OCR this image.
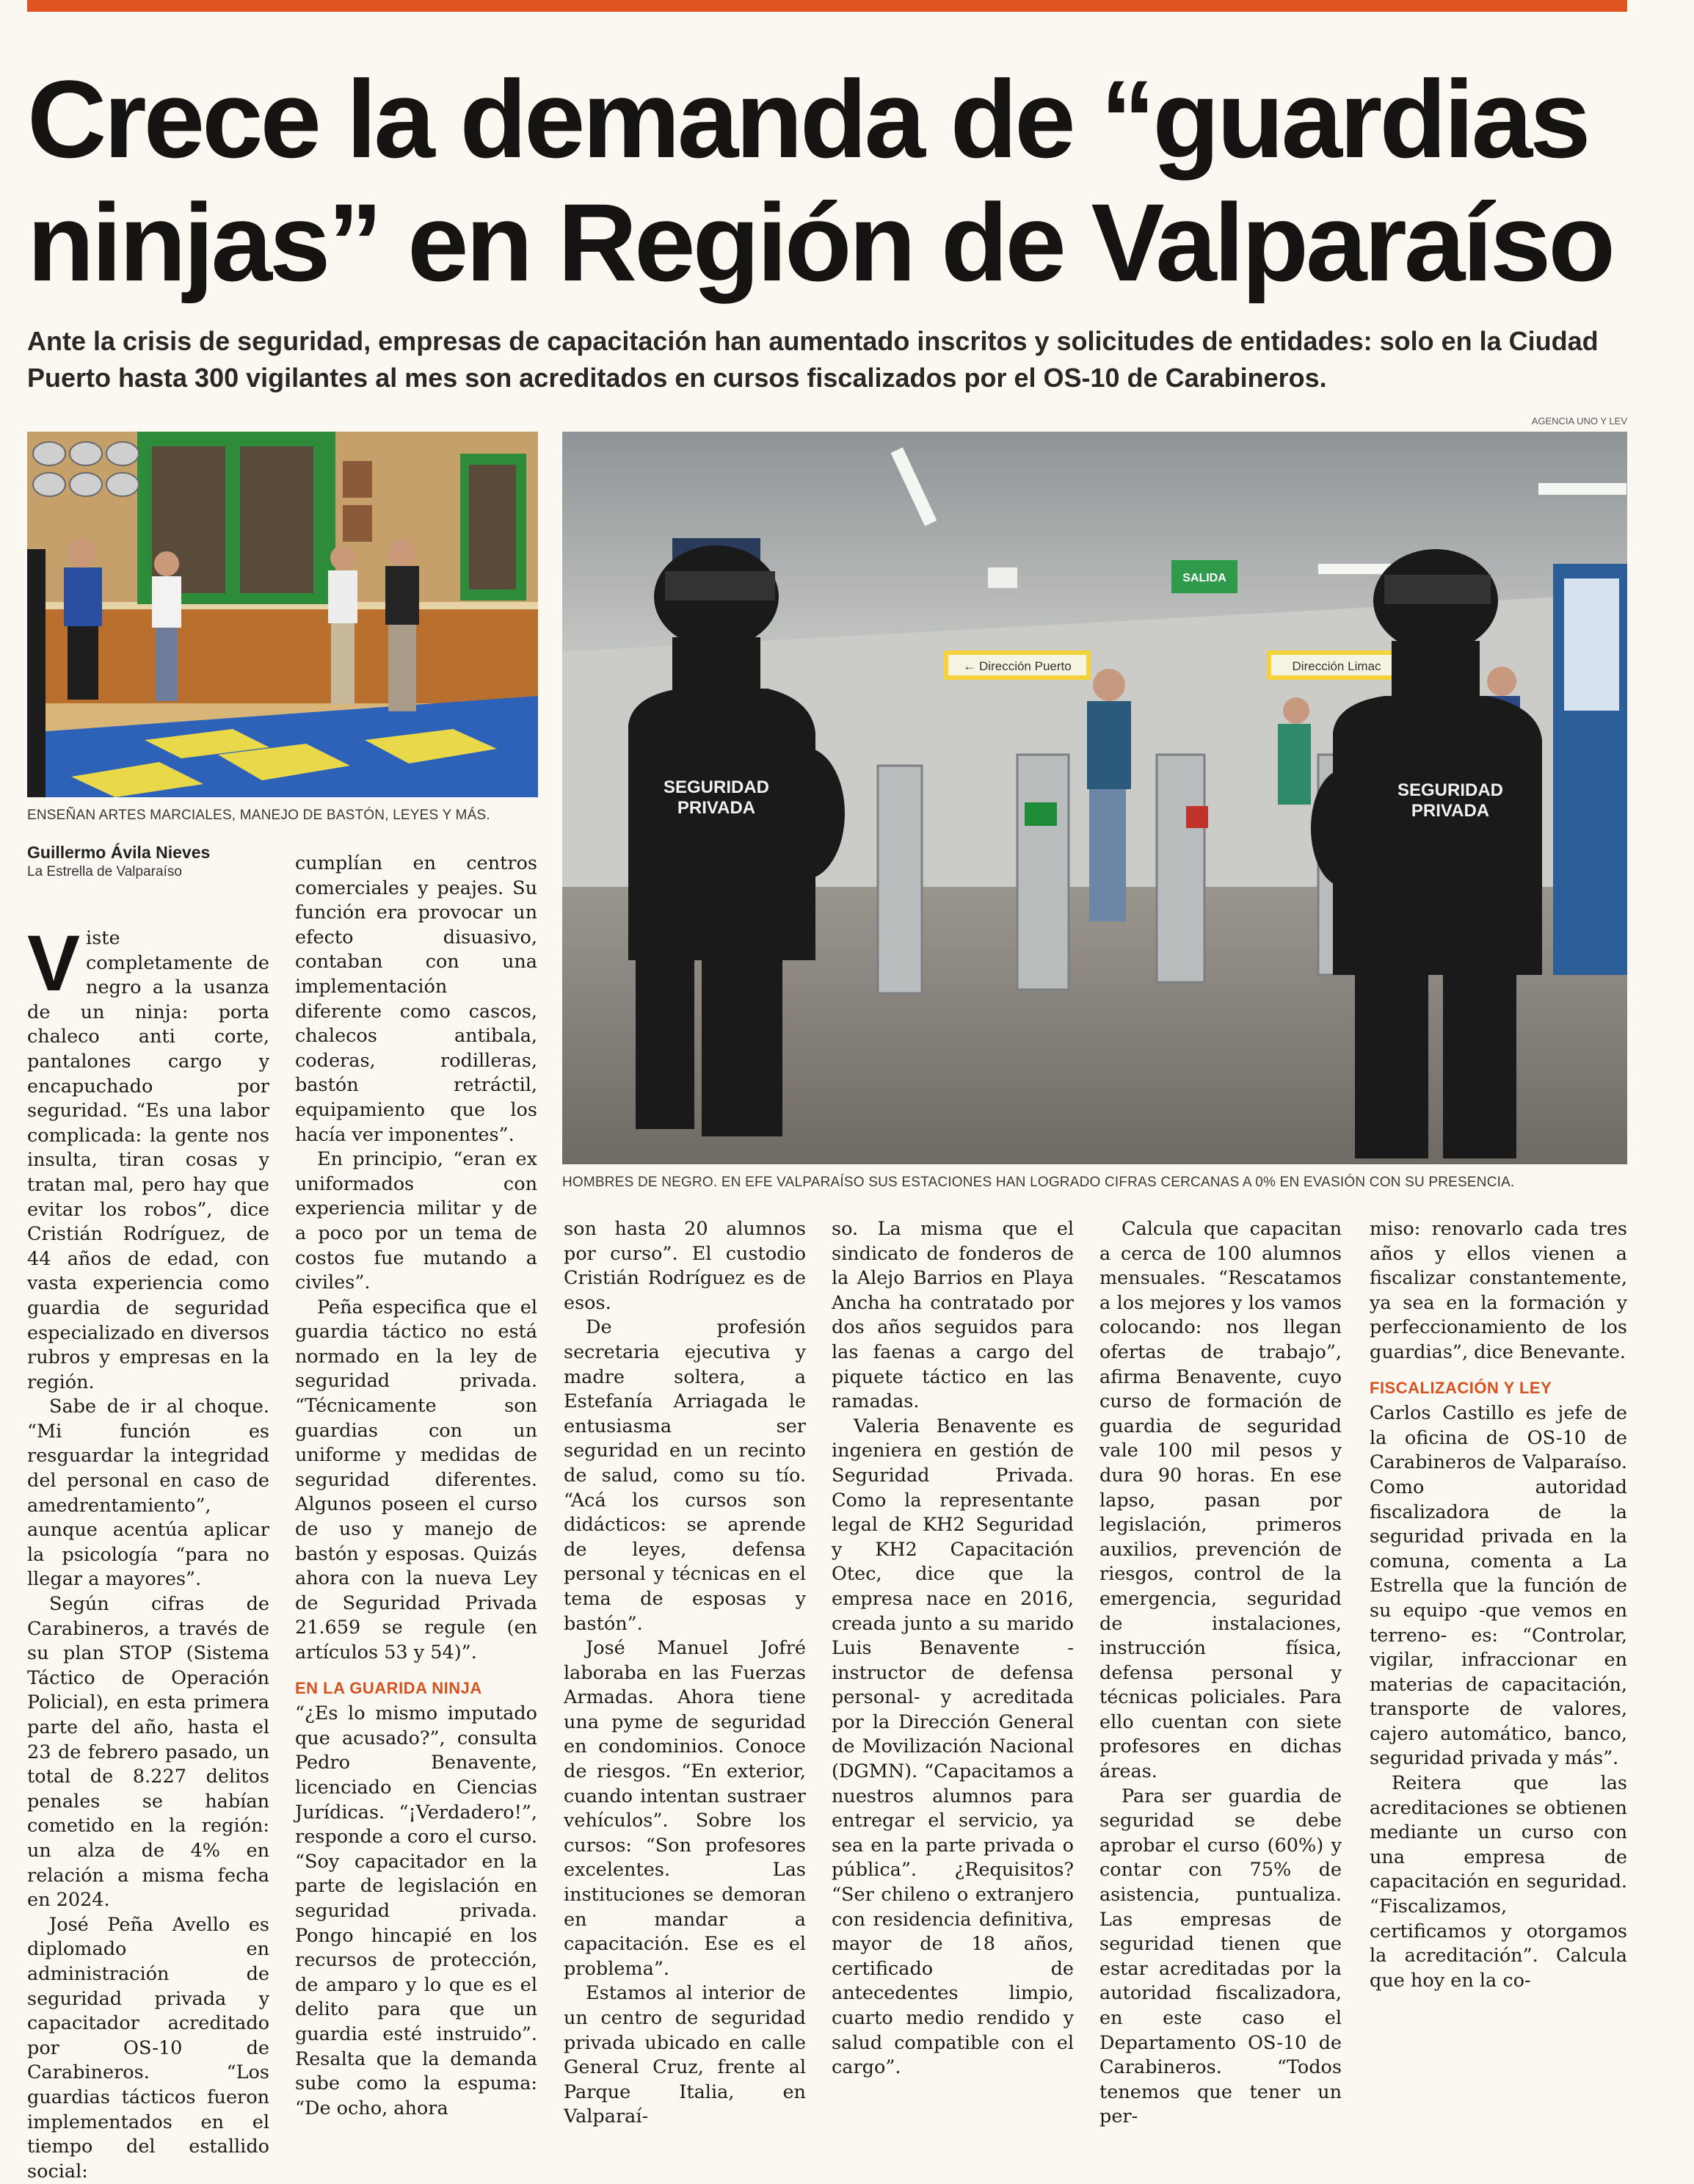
Crece la demanda de “guardias
ninjas” en Región de Valparaíso

Ante la crisis de seguridad, empresas de capacitación han aumentado inscritos y solicitudes de entidades: solo en la Ciudad Puerto hasta 300 vigilantes al mes son acreditados en cursos fiscalizados por el OS-10 de Carabineros.

AGENCIA UNO Y LEV
ENSEÑAN ARTES MARCIALES, MANEJO DE BASTÓN, LEYES Y MÁS.
← Dirección Puerto	Dirección Limac
SALIDA
SEGURIDAD
PRIVADA
SEGURIDAD
PRIVADA
HOMBRES DE NEGRO. EN EFE VALPARAÍSO SUS ESTACIONES HAN LOGRADO CIFRAS CERCANAS A 0% EN EVASIÓN CON SU PRESENCIA.
Guillermo Ávila Nieves
La Estrella de Valparaíso

Viste completamente de negro a la usanza de un ninja: porta chaleco anti corte, pantalones cargo y encapuchado por seguridad. “Es una labor complicada: la gente nos insulta, tiran cosas y tratan mal, pero hay que evitar los robos”, dice Cristián Rodríguez, de 44 años de edad, con vasta experiencia como guardia de seguridad especializado en diversos rubros y empresas en la región.

Sabe de ir al choque. “Mi función es resguardar la integridad del personal en caso de amedrentamiento”, aunque acentúa aplicar la psicología “para no llegar a mayores”.

Según cifras de Carabineros, a través de su plan STOP (Sistema Táctico de Operación Policial), en esta primera parte del año, hasta el 23 de febrero pasado, un total de 8.227 delitos penales se habían cometido en la región: un alza de 4% en relación a misma fecha en 2024.

José Peña Avello es diplomado en administración de seguridad privada y capacitador acreditado por OS-10 de Carabineros. “Los guardias tácticos fueron implementados en el tiempo del estallido social:

cumplían en centros comerciales y peajes. Su función era provocar un efecto disuasivo, contaban con una implementación diferente como cascos, chalecos antibala, coderas, rodilleras, bastón retráctil, equipamiento que los hacía ver imponentes”.

En principio, “eran ex uniformados con experiencia militar y de a poco por un tema de costos fue mutando a civiles”.

Peña especifica que el guardia táctico no está normado en la ley de seguridad privada. “Técnicamente son guardias con un uniforme y medidas de seguridad diferentes. Algunos poseen el curso de uso y manejo de bastón y esposas. Quizás ahora con la nueva Ley de Seguridad Privada 21.659 se regule (en artículos 53 y 54)”.

EN LA GUARIDA NINJA

“¿Es lo mismo imputado que acusado?”, consulta Pedro Benavente, licenciado en Ciencias Jurídicas. “¡Verdadero!”, responde a coro el curso. “Soy capacitador en la parte de legislación en seguridad privada. Pongo hincapié en los recursos de protección, de amparo y lo que es el delito para que un guardia esté instruido”. Resalta que la demanda sube como la espuma: “De ocho, ahora

son hasta 20 alumnos por curso”. El custodio Cristián Rodríguez es de esos.

De profesión secretaria ejecutiva y madre soltera, a Estefanía Arriagada le entusiasma ser seguridad en un recinto de salud, como su tío. “Acá los cursos son didácticos: se aprende de leyes, defensa personal y técnicas en el tema de esposas y bastón”.

José Manuel Jofré laboraba en las Fuerzas Armadas. Ahora tiene una pyme de seguridad en condominios. Conoce de riesgos. “En exterior, cuando intentan sustraer vehículos”. Sobre los cursos: “Son profesores excelentes. Las instituciones se demoran en mandar a capacitación. Ese es el problema”.

Estamos al interior de un centro de seguridad privada ubicado en calle General Cruz, frente al Parque Italia, en Valparaí-

so. La misma que el sindicato de fonderos de la Alejo Barrios en Playa Ancha ha contratado por dos años seguidos para las faenas a cargo del piquete táctico en las ramadas.

Valeria Benavente es ingeniera en gestión de Seguridad Privada. Como la representante legal de KH2 Seguridad y KH2 Capacitación Otec, dice que la empresa nace en 2016, creada junto a su marido Luis Benavente -instructor de defensa personal- y acreditada por la Dirección General de Movilización Nacional (DGMN). “Capacitamos a nuestros alumnos para entregar el servicio, ya sea en la parte privada o pública”. ¿Requisitos? “Ser chileno o extranjero con residencia definitiva, mayor de 18 años, certificado de antecedentes limpio, cuarto medio rendido y salud compatible con el cargo”.

Calcula que capacitan a cerca de 100 alumnos mensuales. “Rescatamos a los mejores y los vamos colocando: nos llegan ofertas de trabajo”, afirma Benavente, cuyo curso de formación de guardia de seguridad vale 100 mil pesos y dura 90 horas. En ese lapso, pasan por legislación, primeros auxilios, prevención de riesgos, control de la emergencia, seguridad de instalaciones, instrucción física, defensa personal y técnicas policiales. Para ello cuentan con siete profesores en dichas áreas.

Para ser guardia de seguridad se debe aprobar el curso (60%) y contar con 75% de asistencia, puntualiza. Las empresas de seguridad tienen que estar acreditadas por la autoridad fiscalizadora, en este caso el Departamento OS-10 de Carabineros. “Todos tenemos que tener un per-

miso: renovarlo cada tres años y ellos vienen a fiscalizar constantemente, ya sea en la formación y perfeccionamiento de los guardias”, dice Benevante.

FISCALIZACIÓN Y LEY

Carlos Castillo es jefe de la oficina de OS-10 de Carabineros de Valparaíso. Como autoridad fiscalizadora de la seguridad privada en la comuna, comenta a La Estrella que la función de su equipo -que vemos en terreno- es: “Controlar, vigilar, infraccionar en materias de capacitación, transporte de valores, cajero automático, banco, seguridad privada y más”.

Reitera que las acreditaciones se obtienen mediante un curso con una empresa de capacitación en seguridad. “Fiscalizamos, certificamos y otorgamos la acreditación”. Calcula que hoy en la co-
